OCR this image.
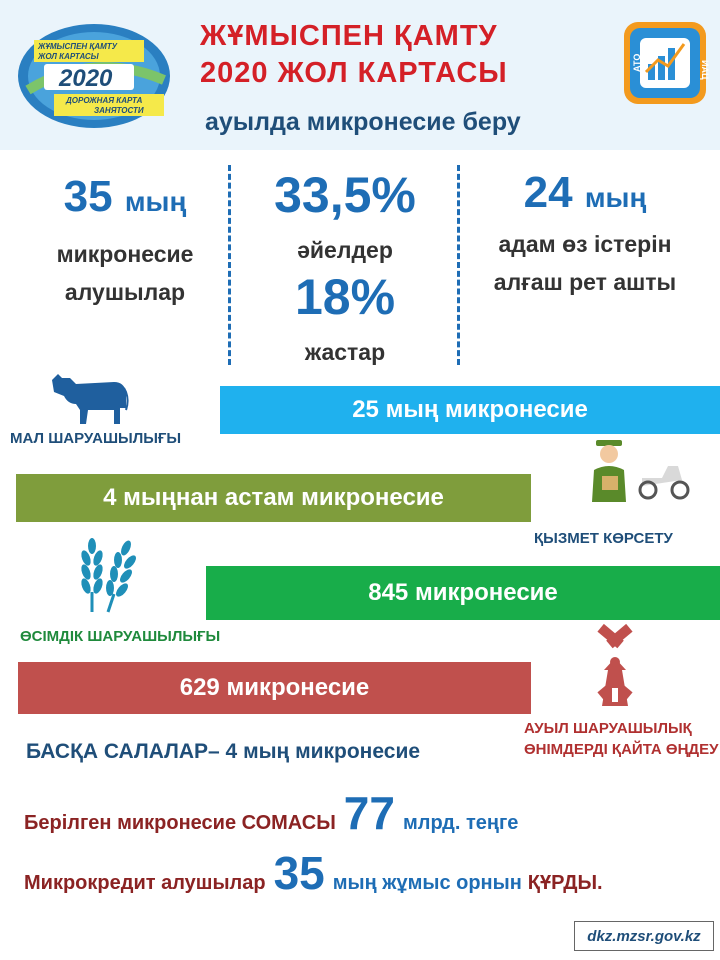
ЖҰМЫСПЕН ҚАМТУ
ЖОЛ КАРТАСЫ
2020
ДОРОЖНАЯ КАРТА
ЗАНЯТОСТИ
ЖҰМЫСПЕН ҚАМТУ
2020 ЖОЛ КАРТАСЫ
ауылда микронесие беру
АТО	ИАЦ
35 мың
микронесие
алушылар
33,5%
әйелдер
18%
жастар
24 мың
адам өз істерін
алғаш рет ашты
25 мың микронесие
МАЛ ШАРУАШЫЛЫҒЫ
4 мыңнан астам микронесие
ҚЫЗМЕТ КӨРСЕТУ
845 микронесие
ӨСІМДІК ШАРУАШЫЛЫҒЫ
629 микронесие
АУЫЛ ШАРУАШЫЛЫҚ
ӨНІМДЕРДІ ҚАЙТА ӨҢДЕУ
БАСҚА САЛАЛАР– 4 мың микронесие
Берілген микронесие СОМАСЫ 77 млрд. теңге
Микрокредит алушылар 35 мың жұмыс орнын ҚҰРДЫ.
dkz.mzsr.gov.kz
